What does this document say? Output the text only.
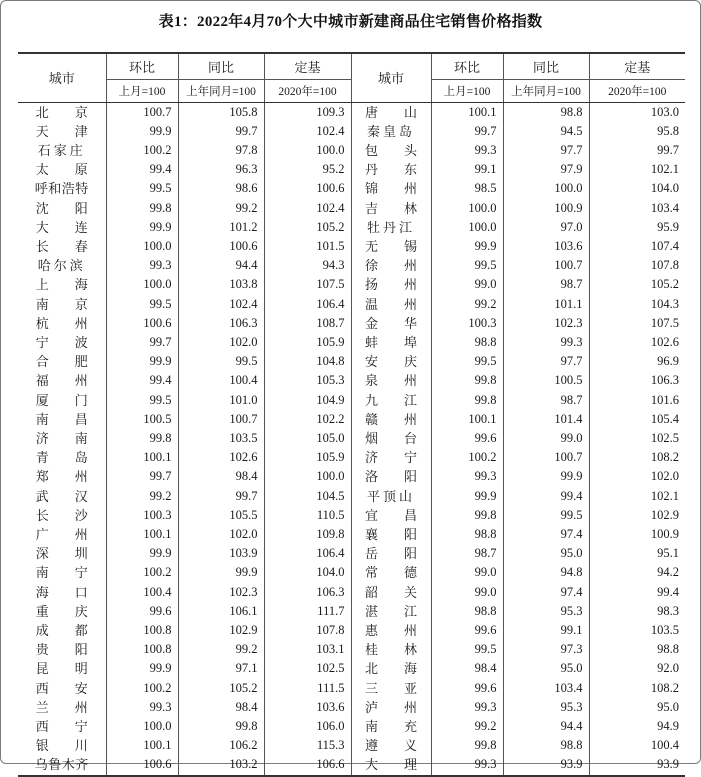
表1：2022年4月70个大中城市新建商品住宅销售价格指数
城市	环比	同比	定基	城市	环比	同比	定基
	上月=100	上年同月=100	2020年=100		上月=100	上年同月=100	2020年=100
北 京	100.7	105.8	109.3	唐 山	100.1	98.8	103.0
天 津	99.9	99.7	102.4	秦皇岛	99.7	94.5	95.8
石家庄	100.2	97.8	100.0	包 头	99.3	97.7	99.7
太 原	99.4	96.3	95.2	丹 东	99.1	97.9	102.1
呼和浩特	99.5	98.6	100.6	锦 州	98.5	100.0	104.0
沈 阳	99.8	99.2	102.4	吉 林	100.0	100.9	103.4
大 连	99.9	101.2	105.2	牡丹江	100.0	97.0	95.9
长 春	100.0	100.6	101.5	无 锡	99.9	103.6	107.4
哈尔滨	99.3	94.4	94.3	徐 州	99.5	100.7	107.8
上 海	100.0	103.8	107.5	扬 州	99.0	98.7	105.2
南 京	99.5	102.4	106.4	温 州	99.2	101.1	104.3
杭 州	100.6	106.3	108.7	金 华	100.3	102.3	107.5
宁 波	99.7	102.0	105.9	蚌 埠	98.8	99.3	102.6
合 肥	99.9	99.5	104.8	安 庆	99.5	97.7	96.9
福 州	99.4	100.4	105.3	泉 州	99.8	100.5	106.3
厦 门	99.5	101.0	104.9	九 江	99.8	98.7	101.6
南 昌	100.5	100.7	102.2	赣 州	100.1	101.4	105.4
济 南	99.8	103.5	105.0	烟 台	99.6	99.0	102.5
青 岛	100.1	102.6	105.9	济 宁	100.2	100.7	108.2
郑 州	99.7	98.4	100.0	洛 阳	99.3	99.9	102.0
武 汉	99.2	99.7	104.5	平顶山	99.9	99.4	102.1
长 沙	100.3	105.5	110.5	宜 昌	99.8	99.5	102.9
广 州	100.1	102.0	109.8	襄 阳	98.8	97.4	100.9
深 圳	99.9	103.9	106.4	岳 阳	98.7	95.0	95.1
南 宁	100.2	99.9	104.0	常 德	99.0	94.8	94.2
海 口	100.4	102.3	106.3	韶 关	99.0	97.4	99.4
重 庆	99.6	106.1	111.7	湛 江	98.8	95.3	98.3
成 都	100.8	102.9	107.8	惠 州	99.6	99.1	103.5
贵 阳	100.8	99.2	103.1	桂 林	99.5	97.3	98.8
昆 明	99.9	97.1	102.5	北 海	98.4	95.0	92.0
西 安	100.2	105.2	111.5	三 亚	99.6	103.4	108.2
兰 州	99.3	98.4	103.6	泸 州	99.3	95.3	95.0
西 宁	100.0	99.8	106.0	南 充	99.2	94.4	94.9
银 川	100.1	106.2	115.3	遵 义	99.8	98.8	100.4
乌鲁木齐	100.6	103.2	106.6	大 理	99.3	93.9	93.9
